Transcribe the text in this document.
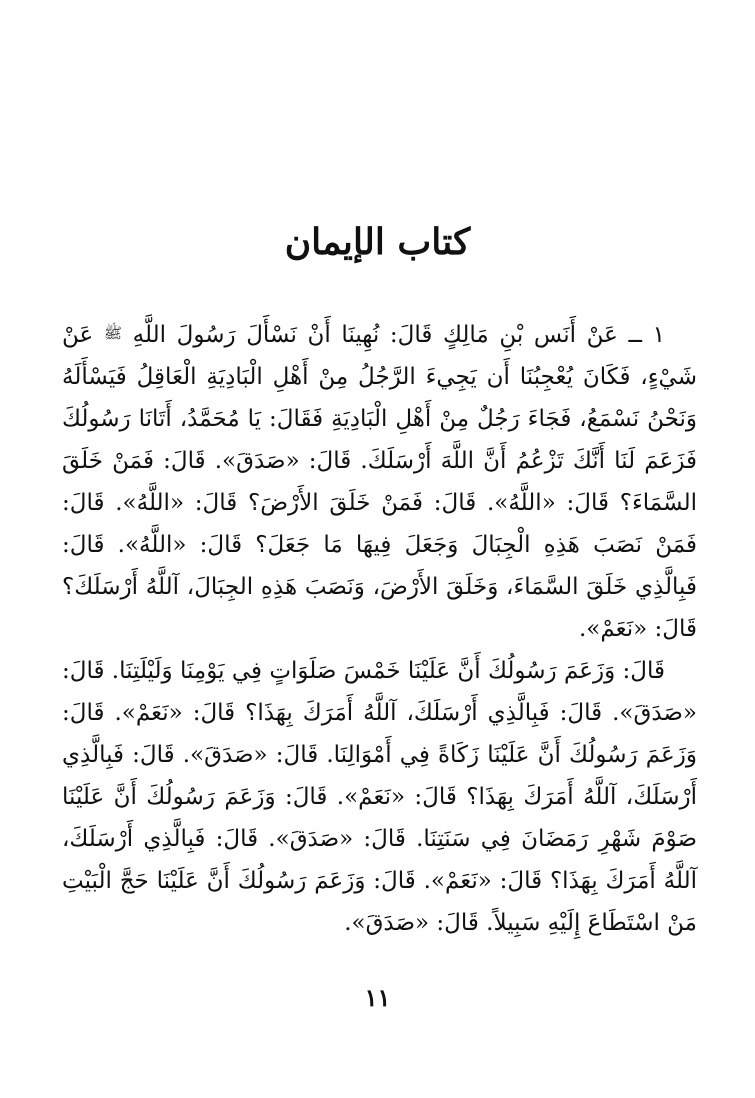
كتاب الإيمان

١ ــ عَنْ أَنَس بْنِ مَالِكٍ قَالَ: نُهِينَا أَنْ نَسْأَلَ رَسُولَ اللَّهِ ﷺ عَنْ شَيْءٍ، فَكَانَ يُعْجِبُنَا أَن يَجِيءَ الرَّجُلُ مِنْ أَهْلِ الْبَادِيَةِ الْعَاقِلُ فَيَسْأَلَهُ وَنَحْنُ نَسْمَعُ، فَجَاءَ رَجُلٌ مِنْ أَهْلِ الْبَادِيَةِ فَقَالَ: يَا مُحَمَّدُ، أَتَانَا رَسُولُكَ فَزَعَمَ لَنَا أَنَّكَ تَزْعُمُ أَنَّ اللَّهَ أَرْسَلَكَ. قَالَ: «صَدَقَ». قَالَ: فَمَنْ خَلَقَ السَّمَاءَ؟ قَالَ: «اللَّهُ». قَالَ: فَمَنْ خَلَقَ الأَرْضَ؟ قَالَ: «اللَّهُ». قَالَ: فَمَنْ نَصَبَ هَذِهِ الْجِبَالَ وَجَعَلَ فِيهَا مَا جَعَلَ؟ قَالَ: «اللَّهُ». قَالَ: فَبِالَّذِي خَلَقَ السَّمَاءَ، وَخَلَقَ الأَرْضَ، وَنَصَبَ هَذِهِ الجِبَالَ، آللَّهُ أَرْسَلَكَ؟ قَالَ: «نَعَمْ».

قَالَ: وَزَعَمَ رَسُولُكَ أَنَّ عَلَيْنَا خَمْسَ صَلَوَاتٍ فِي يَوْمِنَا وَلَيْلَتِنَا. قَالَ: «صَدَقَ». قَالَ: فَبِالَّذِي أَرْسَلَكَ، آللَّهُ أَمَرَكَ بِهَذَا؟ قَالَ: «نَعَمْ». قَالَ: وَزَعَمَ رَسُولُكَ أَنَّ عَلَيْنَا زَكَاةً فِي أَمْوَالِنَا. قَالَ: «صَدَقَ». قَالَ: فَبِالَّذِي أَرْسَلَكَ، آللَّهُ أَمَرَكَ بِهَذَا؟ قَالَ: «نَعَمْ». قَالَ: وَزَعَمَ رَسُولُكَ أَنَّ عَلَيْنَا صَوْمَ شَهْرِ رَمَضَانَ فِي سَنَتِنَا. قَالَ: «صَدَقَ». قَالَ: فَبِالَّذِي أَرْسَلَكَ، آللَّهُ أَمَرَكَ بِهَذَا؟ قَالَ: «نَعَمْ». قَالَ: وَزَعَمَ رَسُولُكَ أَنَّ عَلَيْنَا حَجَّ الْبَيْتِ مَنْ اسْتَطَاعَ إِلَيْهِ سَبِيلاً. قَالَ: «صَدَقَ».

١١
